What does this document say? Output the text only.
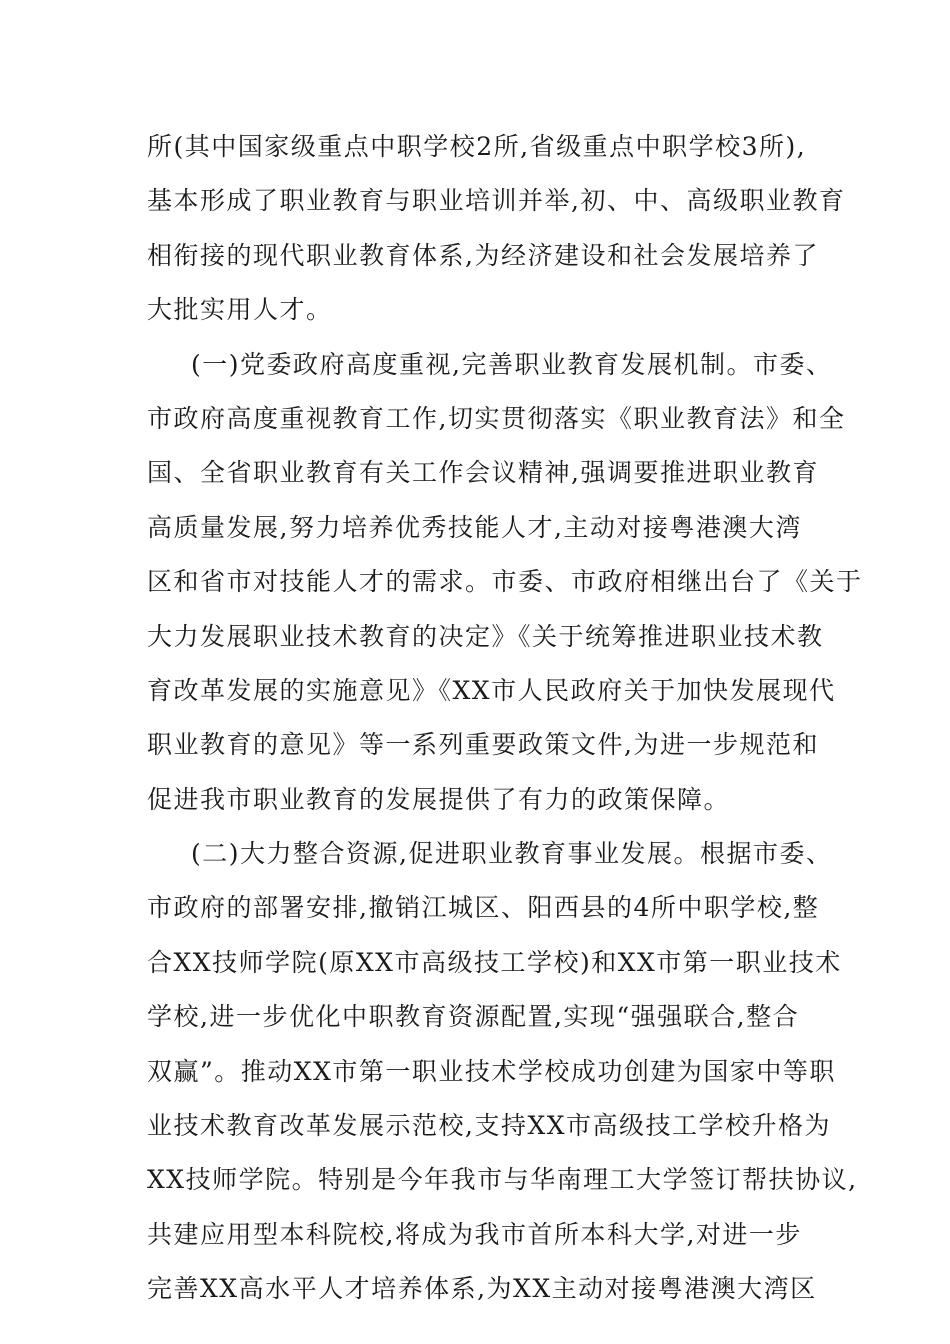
所(其中国家级重点中职学校2所,省级重点中职学校3所),
基本形成了职业教育与职业培训并举,初、中、高级职业教育
相衔接的现代职业教育体系,为经济建设和社会发展培养了
大批实用人才。
(一)党委政府高度重视,完善职业教育发展机制。市委、
市政府高度重视教育工作,切实贯彻落实《职业教育法》和全
国、全省职业教育有关工作会议精神,强调要推进职业教育
高质量发展,努力培养优秀技能人才,主动对接粤港澳大湾
区和省市对技能人才的需求。市委、市政府相继出台了《关于
大力发展职业技术教育的决定》《关于统筹推进职业技术教
育改革发展的实施意见》《XX市人民政府关于加快发展现代
职业教育的意见》等一系列重要政策文件,为进一步规范和
促进我市职业教育的发展提供了有力的政策保障。
(二)大力整合资源,促进职业教育事业发展。根据市委、
市政府的部署安排,撤销江城区、阳西县的4所中职学校,整
合XX技师学院(原XX市高级技工学校)和XX市第一职业技术
学校,进一步优化中职教育资源配置,实现“强强联合,整合
双赢”。推动XX市第一职业技术学校成功创建为国家中等职
业技术教育改革发展示范校,支持XX市高级技工学校升格为
XX技师学院。特别是今年我市与华南理工大学签订帮扶协议,
共建应用型本科院校,将成为我市首所本科大学,对进一步
完善XX高水平人才培养体系,为XX主动对接粤港澳大湾区
